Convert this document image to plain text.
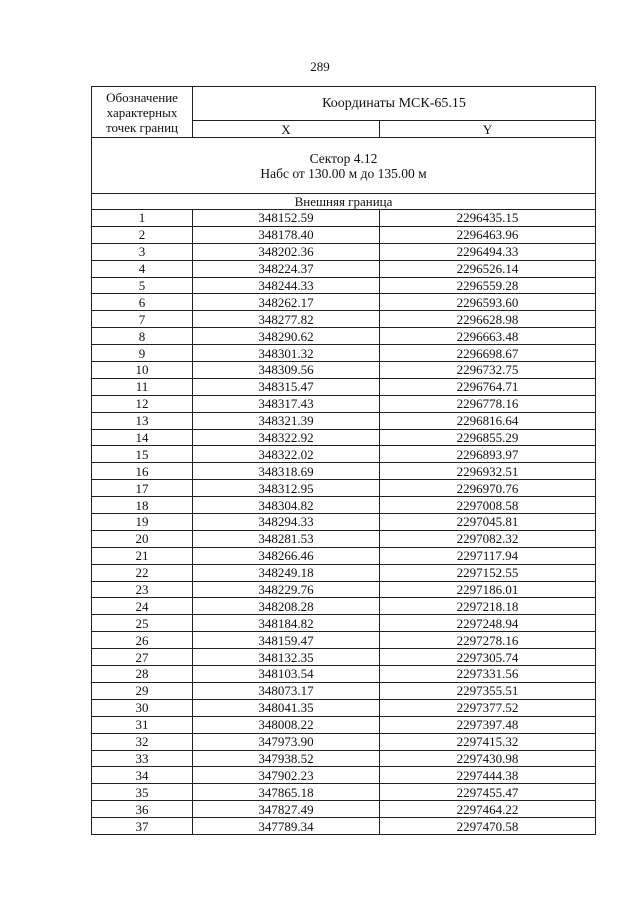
289
Обозначение характерных точек границ	Координаты МСК-65.15	
	X	Y

Сектор 4.12
Набс от 130.00 м до 135.00 м		

Внешняя граница		
1	348152.59	2296435.15
2	348178.40	2296463.96
3	348202.36	2296494.33
4	348224.37	2296526.14
5	348244.33	2296559.28
6	348262.17	2296593.60
7	348277.82	2296628.98
8	348290.62	2296663.48
9	348301.32	2296698.67
10	348309.56	2296732.75
11	348315.47	2296764.71
12	348317.43	2296778.16
13	348321.39	2296816.64
14	348322.92	2296855.29
15	348322.02	2296893.97
16	348318.69	2296932.51
17	348312.95	2296970.76
18	348304.82	2297008.58
19	348294.33	2297045.81
20	348281.53	2297082.32
21	348266.46	2297117.94
22	348249.18	2297152.55
23	348229.76	2297186.01
24	348208.28	2297218.18
25	348184.82	2297248.94
26	348159.47	2297278.16
27	348132.35	2297305.74
28	348103.54	2297331.56
29	348073.17	2297355.51
30	348041.35	2297377.52
31	348008.22	2297397.48
32	347973.90	2297415.32
33	347938.52	2297430.98
34	347902.23	2297444.38
35	347865.18	2297455.47
36	347827.49	2297464.22
37	347789.34	2297470.58
